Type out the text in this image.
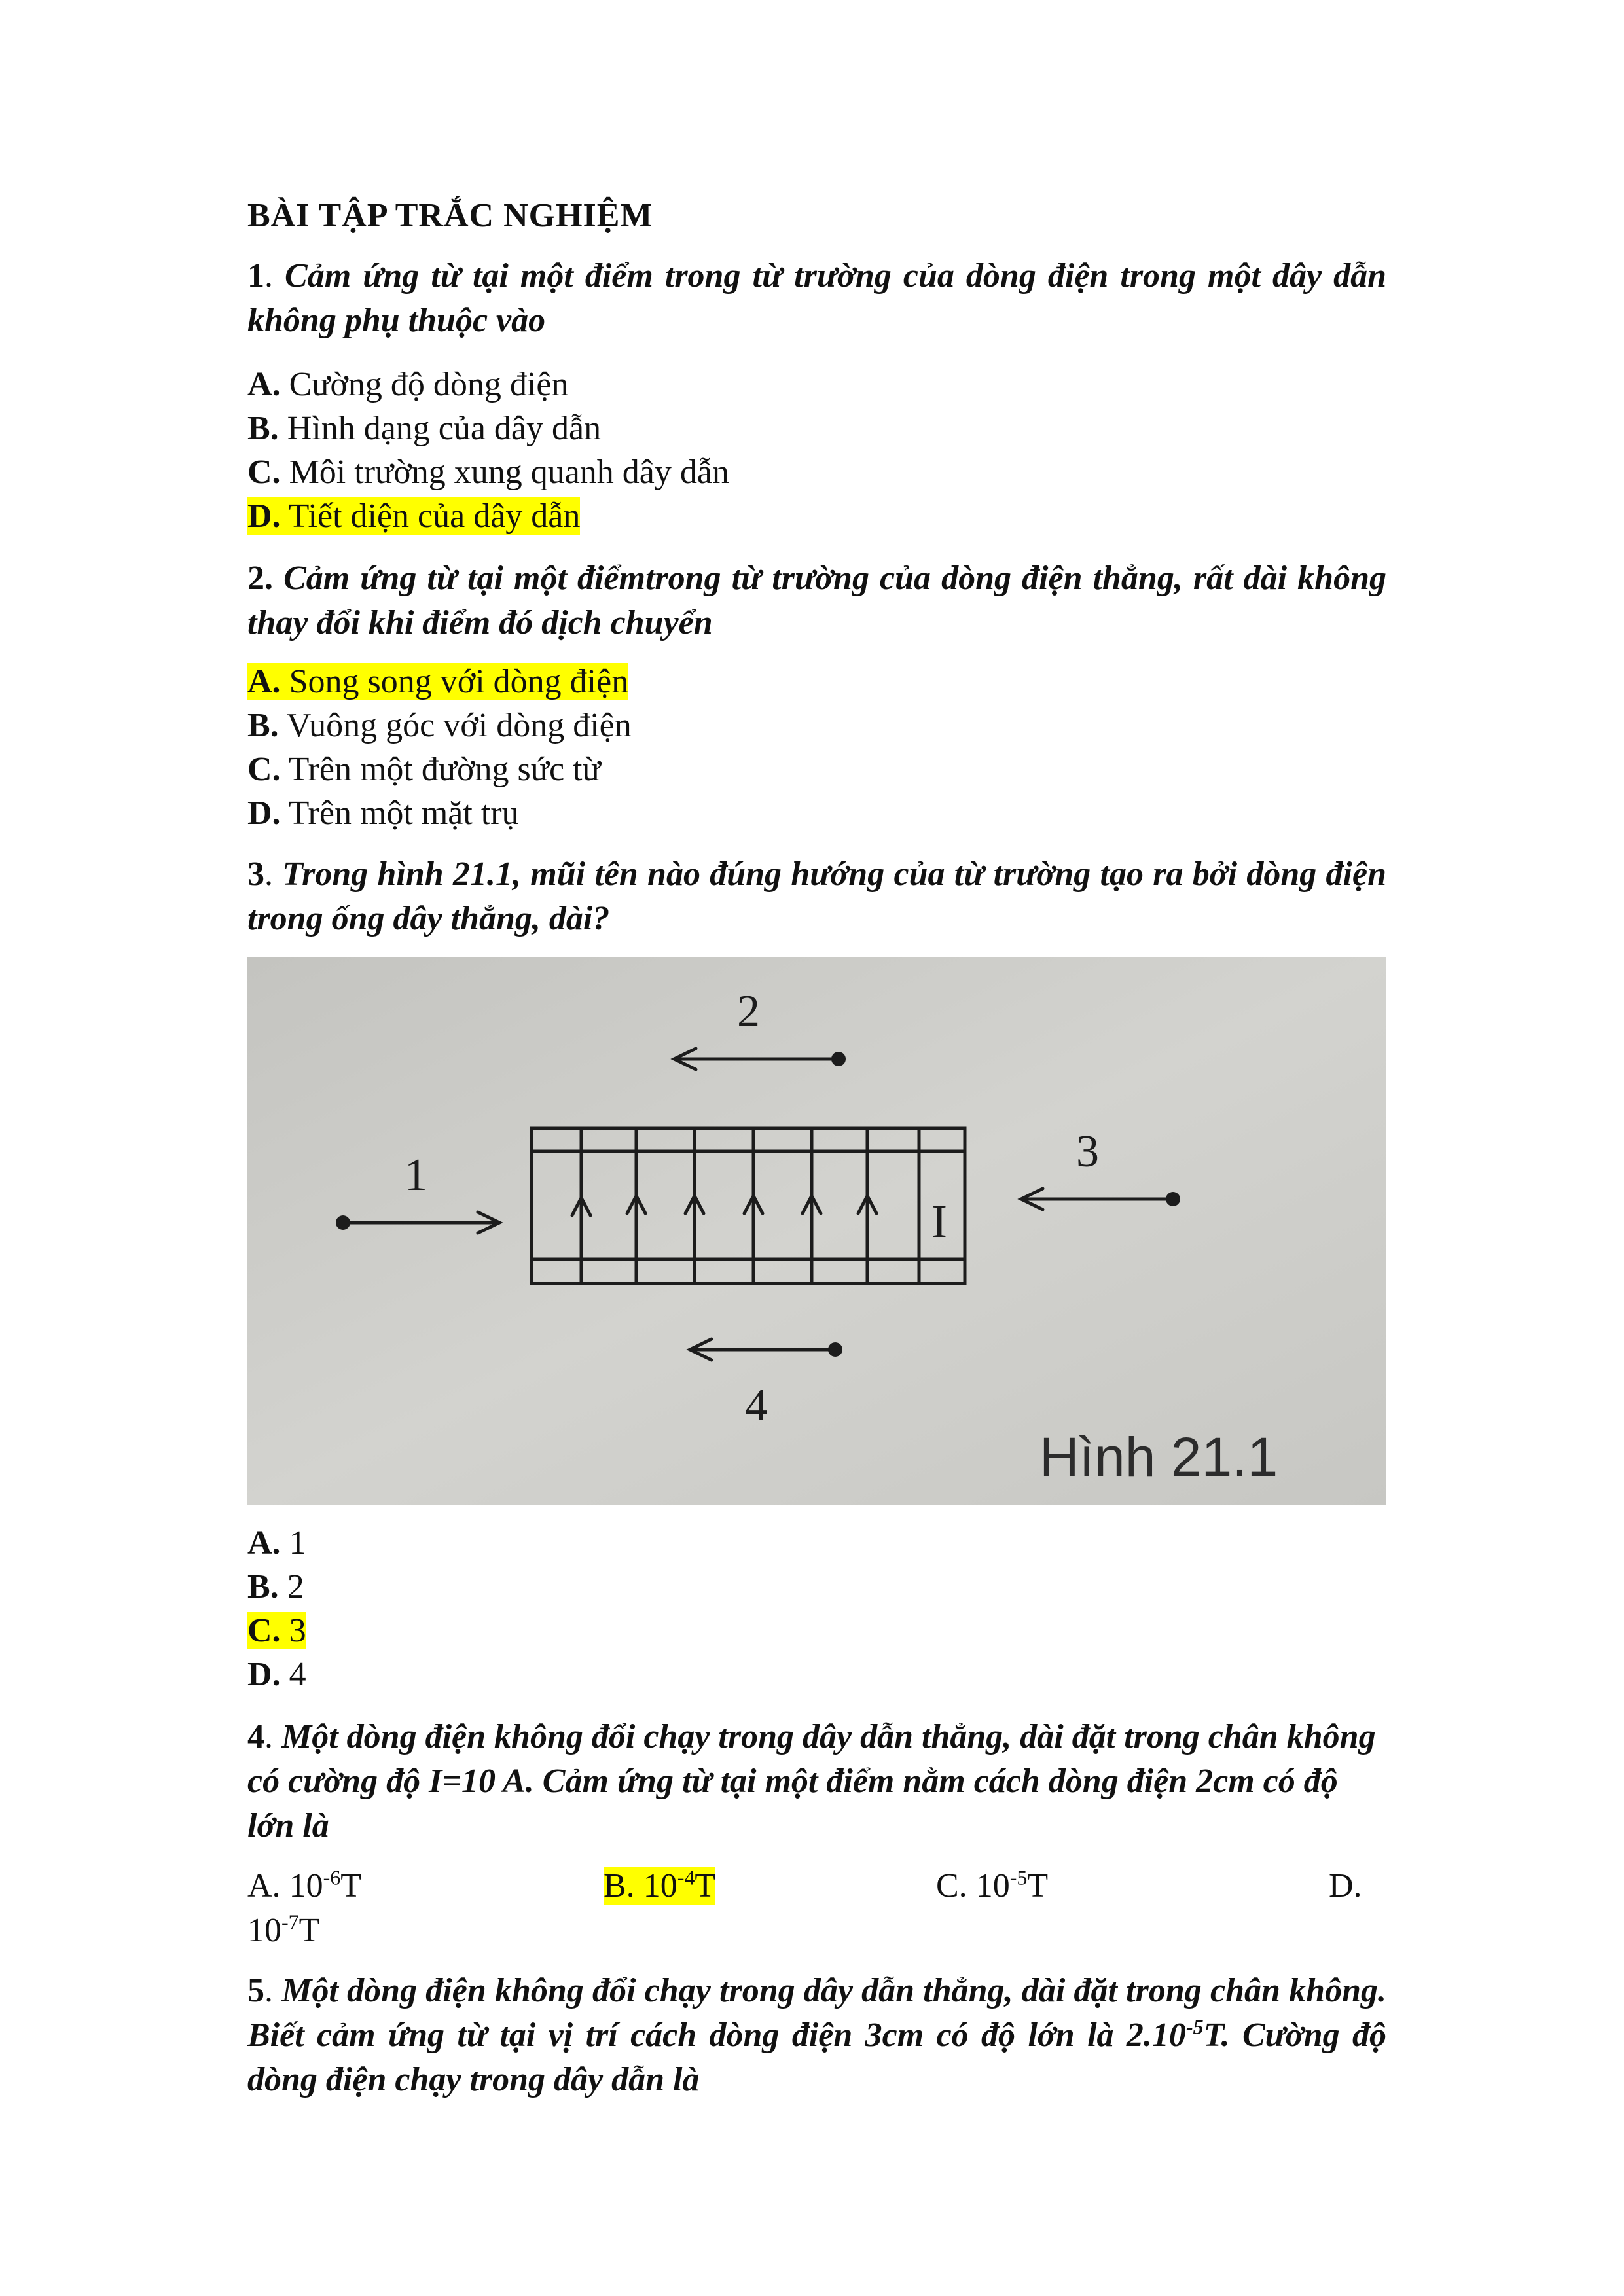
BÀI TẬP TRẮC NGHIỆM
1. Cảm ứng từ tại một điểm trong từ trường của dòng điện trong một dây dẫn không phụ thuộc vào
A. Cường độ dòng điện
B. Hình dạng của dây dẫn
C. Môi trường xung quanh dây dẫn
D. Tiết diện của dây dẫn
2. Cảm ứng từ tại một điểmtrong từ trường của dòng điện thẳng, rất dài không thay đổi khi điểm đó dịch chuyển
A. Song song với dòng điện
B. Vuông góc với dòng điện
C. Trên một đường sức từ
D. Trên một mặt trụ
3. Trong hình 21.1, mũi tên nào đúng hướng của từ trường tạo ra bởi dòng điện trong ống dây thẳng, dài?
I
1
2
3
4
Hình 21.1
A. 1
B. 2
C. 3
D. 4
4. Một dòng điện không đổi chạy trong dây dẫn thẳng, dài đặt trong chân không có cường độ I=10 A. Cảm ứng từ tại một điểm nằm cách dòng điện 2cm có độ lớn là
A. $10^{-6}T$	B. $10^{-4}T$	C. $10^{-5}T$	D.
$10^{-7}T$
5. Một dòng điện không đổi chạy trong dây dẫn thẳng, dài đặt trong chân không. Biết cảm ứng từ tại vị trí cách dòng điện 3cm có độ lớn là $2.10^{-5}T$. Cường độ dòng điện chạy trong dây dẫn là
